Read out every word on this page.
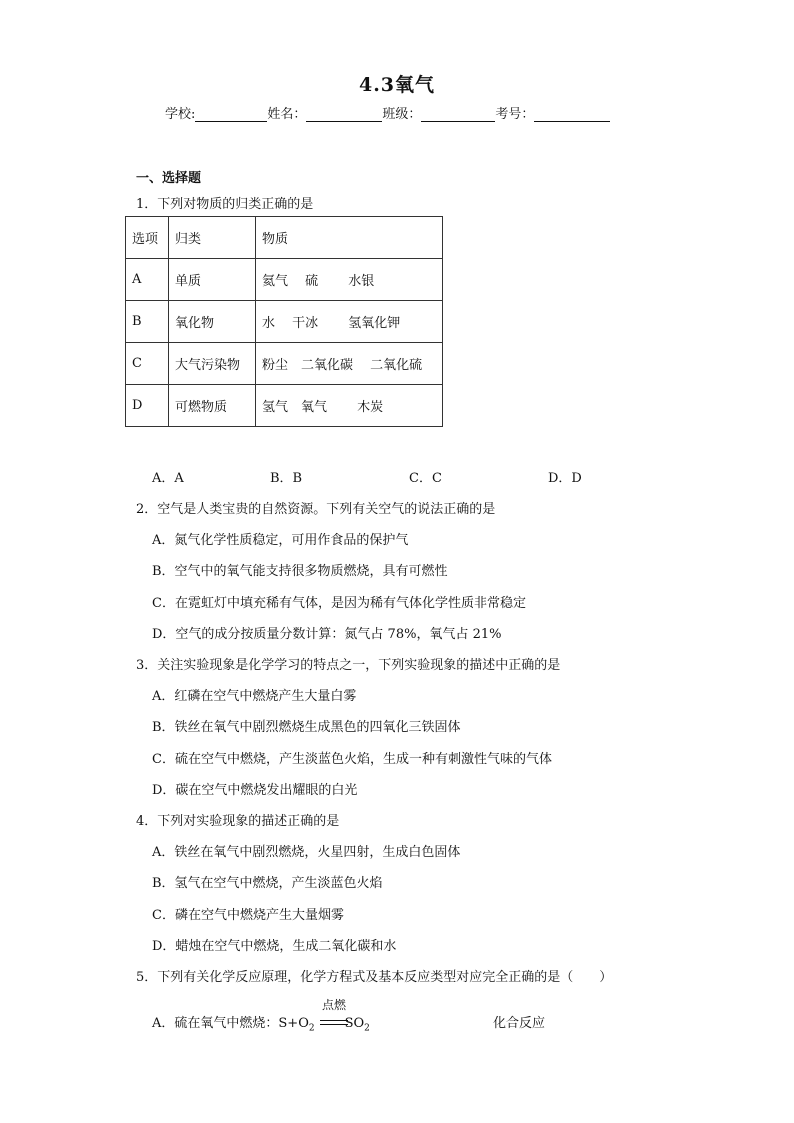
4.3氧气
学校:	姓名：	班级：	考号：
一、选择题
1．下列对物质的归类正确的是
选项	归类	物质
A	单质	氦气　 硫　　 水银
B	氧化物	水　 干冰　　 氢氧化钾
C	大气污染物	粉尘　二氧化碳　 二氧化硫
D	可燃物质	氢气　氧气　　 木炭
A．A	B．B	C．C	D．D
2．空气是人类宝贵的自然资源。下列有关空气的说法正确的是
A．氮气化学性质稳定，可用作食品的保护气
B．空气中的氧气能支持很多物质燃烧，具有可燃性
C．在霓虹灯中填充稀有气体，是因为稀有气体化学性质非常稳定
D．空气的成分按质量分数计算：氮气占 78%，氧气占 21%
3．关注实验现象是化学学习的特点之一，下列实验现象的描述中正确的是
A．红磷在空气中燃烧产生大量白雾
B．铁丝在氧气中剧烈燃烧生成黑色的四氧化三铁固体
C．硫在空气中燃烧，产生淡蓝色火焰，生成一种有刺激性气味的气体
D．碳在空气中燃烧发出耀眼的白光
4．下列对实验现象的描述正确的是
A．铁丝在氧气中剧烈燃烧，火星四射，生成白色固体
B．氢气在空气中燃烧，产生淡蓝色火焰
C．磷在空气中燃烧产生大量烟雾
D．蜡烛在空气中燃烧，生成二氧化碳和水
5．下列有关化学反应原理，化学方程式及基本反应类型对应完全正确的是（　　）
A．硫在氧气中燃烧：$S+O_2$ $SO_2$
点燃
化合反应
